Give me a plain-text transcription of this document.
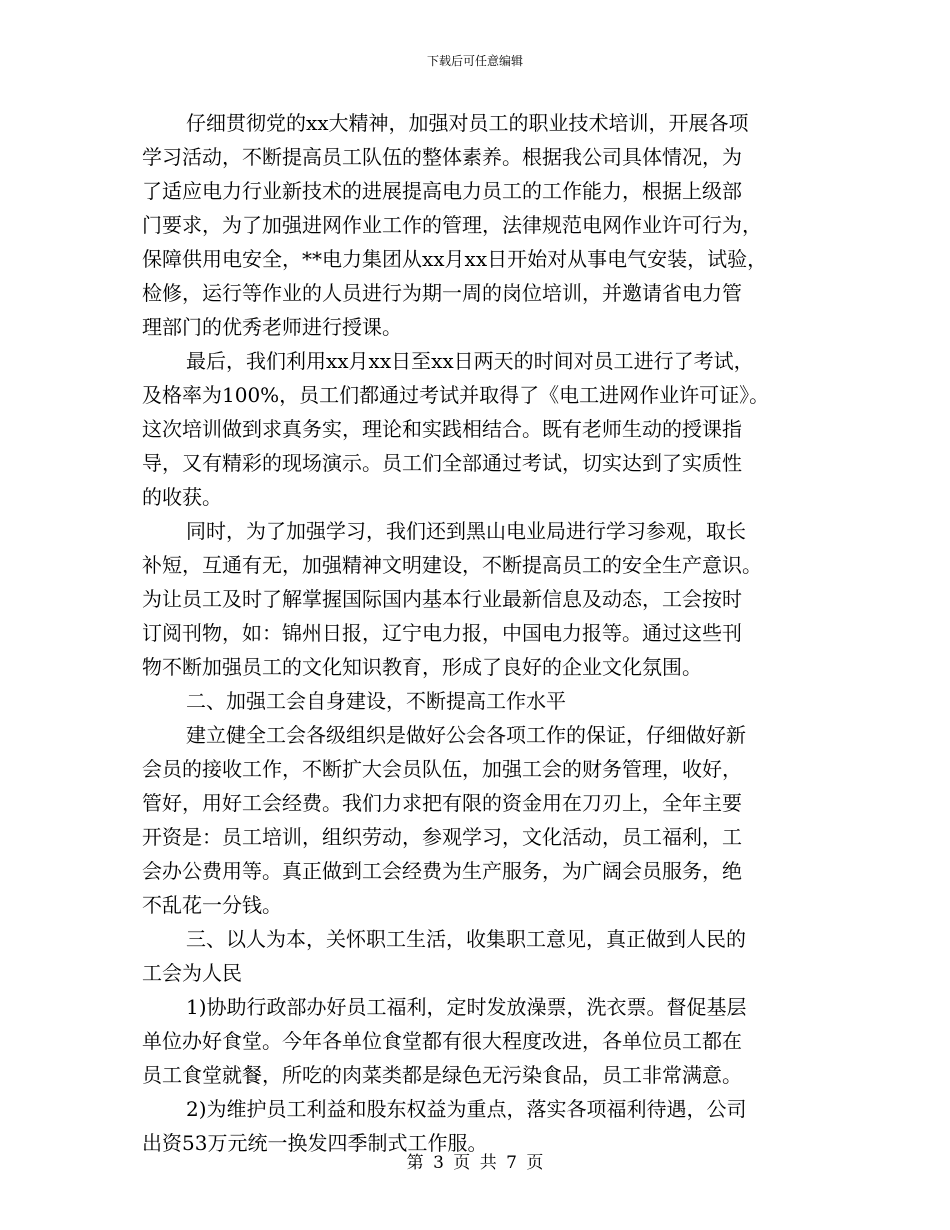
下载后可任意编辑
仔细贯彻党的xx大精神，加强对员工的职业技术培训，开展各项
学习活动，不断提高员工队伍的整体素养。根据我公司具体情况，为
了适应电力行业新技术的进展提高电力员工的工作能力，根据上级部
门要求，为了加强进网作业工作的管理，法律规范电网作业许可行为，
保障供用电安全，**电力集团从xx月xx日开始对从事电气安装，试验，
检修，运行等作业的人员进行为期一周的岗位培训，并邀请省电力管
理部门的优秀老师进行授课。
最后，我们利用xx月xx日至xx日两天的时间对员工进行了考试，
及格率为100%，员工们都通过考试并取得了《电工进网作业许可证》。
这次培训做到求真务实，理论和实践相结合。既有老师生动的授课指
导，又有精彩的现场演示。员工们全部通过考试，切实达到了实质性
的收获。
同时，为了加强学习，我们还到黑山电业局进行学习参观，取长
补短，互通有无，加强精神文明建设，不断提高员工的安全生产意识。
为让员工及时了解掌握国际国内基本行业最新信息及动态，工会按时
订阅刊物，如：锦州日报，辽宁电力报，中国电力报等。通过这些刊
物不断加强员工的文化知识教育，形成了良好的企业文化氛围。
二、加强工会自身建设，不断提高工作水平
建立健全工会各级组织是做好公会各项工作的保证，仔细做好新
会员的接收工作，不断扩大会员队伍，加强工会的财务管理，收好，
管好，用好工会经费。我们力求把有限的资金用在刀刃上，全年主要
开资是：员工培训，组织劳动，参观学习，文化活动，员工福利，工
会办公费用等。真正做到工会经费为生产服务，为广阔会员服务，绝
不乱花一分钱。
三、以人为本，关怀职工生活，收集职工意见，真正做到人民的
工会为人民
1)协助行政部办好员工福利，定时发放澡票，洗衣票。督促基层
单位办好食堂。今年各单位食堂都有很大程度改进，各单位员工都在
员工食堂就餐，所吃的肉菜类都是绿色无污染食品，员工非常满意。
2)为维护员工利益和股东权益为重点，落实各项福利待遇，公司
出资53万元统一换发四季制式工作服。
第 3 页 共 7 页
